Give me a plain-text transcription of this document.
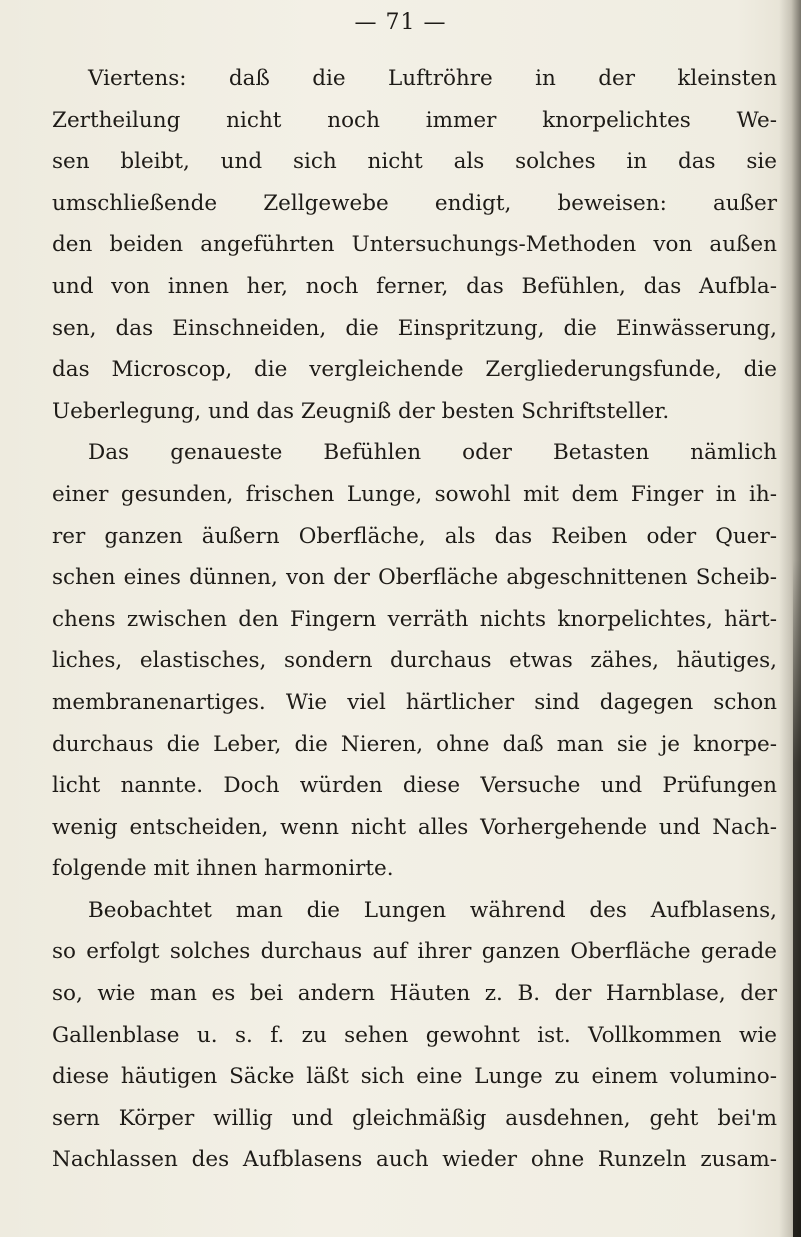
— 71 —
Viertens: daß die Luftröhre in der kleinsten
Zertheilung nicht noch immer knorpelichtes We-
sen bleibt, und sich nicht als solches in das sie
umschließende Zellgewebe endigt, beweisen: außer
den beiden angeführten Untersuchungs-Methoden von außen
und von innen her, noch ferner, das Befühlen, das Aufbla-
sen, das Einschneiden, die Einspritzung, die Einwässerung,
das Microscop, die vergleichende Zergliederungsfunde, die
Ueberlegung, und das Zeugniß der besten Schriftsteller.
Das genaueste Befühlen oder Betasten nämlich
einer gesunden, frischen Lunge, sowohl mit dem Finger in ih-
rer ganzen äußern Oberfläche, als das Reiben oder Quer-
schen eines dünnen, von der Oberfläche abgeschnittenen Scheib-
chens zwischen den Fingern verräth nichts knorpelichtes, härt-
liches, elastisches, sondern durchaus etwas zähes, häutiges,
membranenartiges. Wie viel härtlicher sind dagegen schon
durchaus die Leber, die Nieren, ohne daß man sie je knorpe-
licht nannte. Doch würden diese Versuche und Prüfungen
wenig entscheiden, wenn nicht alles Vorhergehende und Nach-
folgende mit ihnen harmonirte.
Beobachtet man die Lungen während des Aufblasens,
so erfolgt solches durchaus auf ihrer ganzen Oberfläche gerade
so, wie man es bei andern Häuten z. B. der Harnblase, der
Gallenblase u. s. f. zu sehen gewohnt ist. Vollkommen wie
diese häutigen Säcke läßt sich eine Lunge zu einem volumino-
sern Körper willig und gleichmäßig ausdehnen, geht bei'm
Nachlassen des Aufblasens auch wieder ohne Runzeln zusam-
